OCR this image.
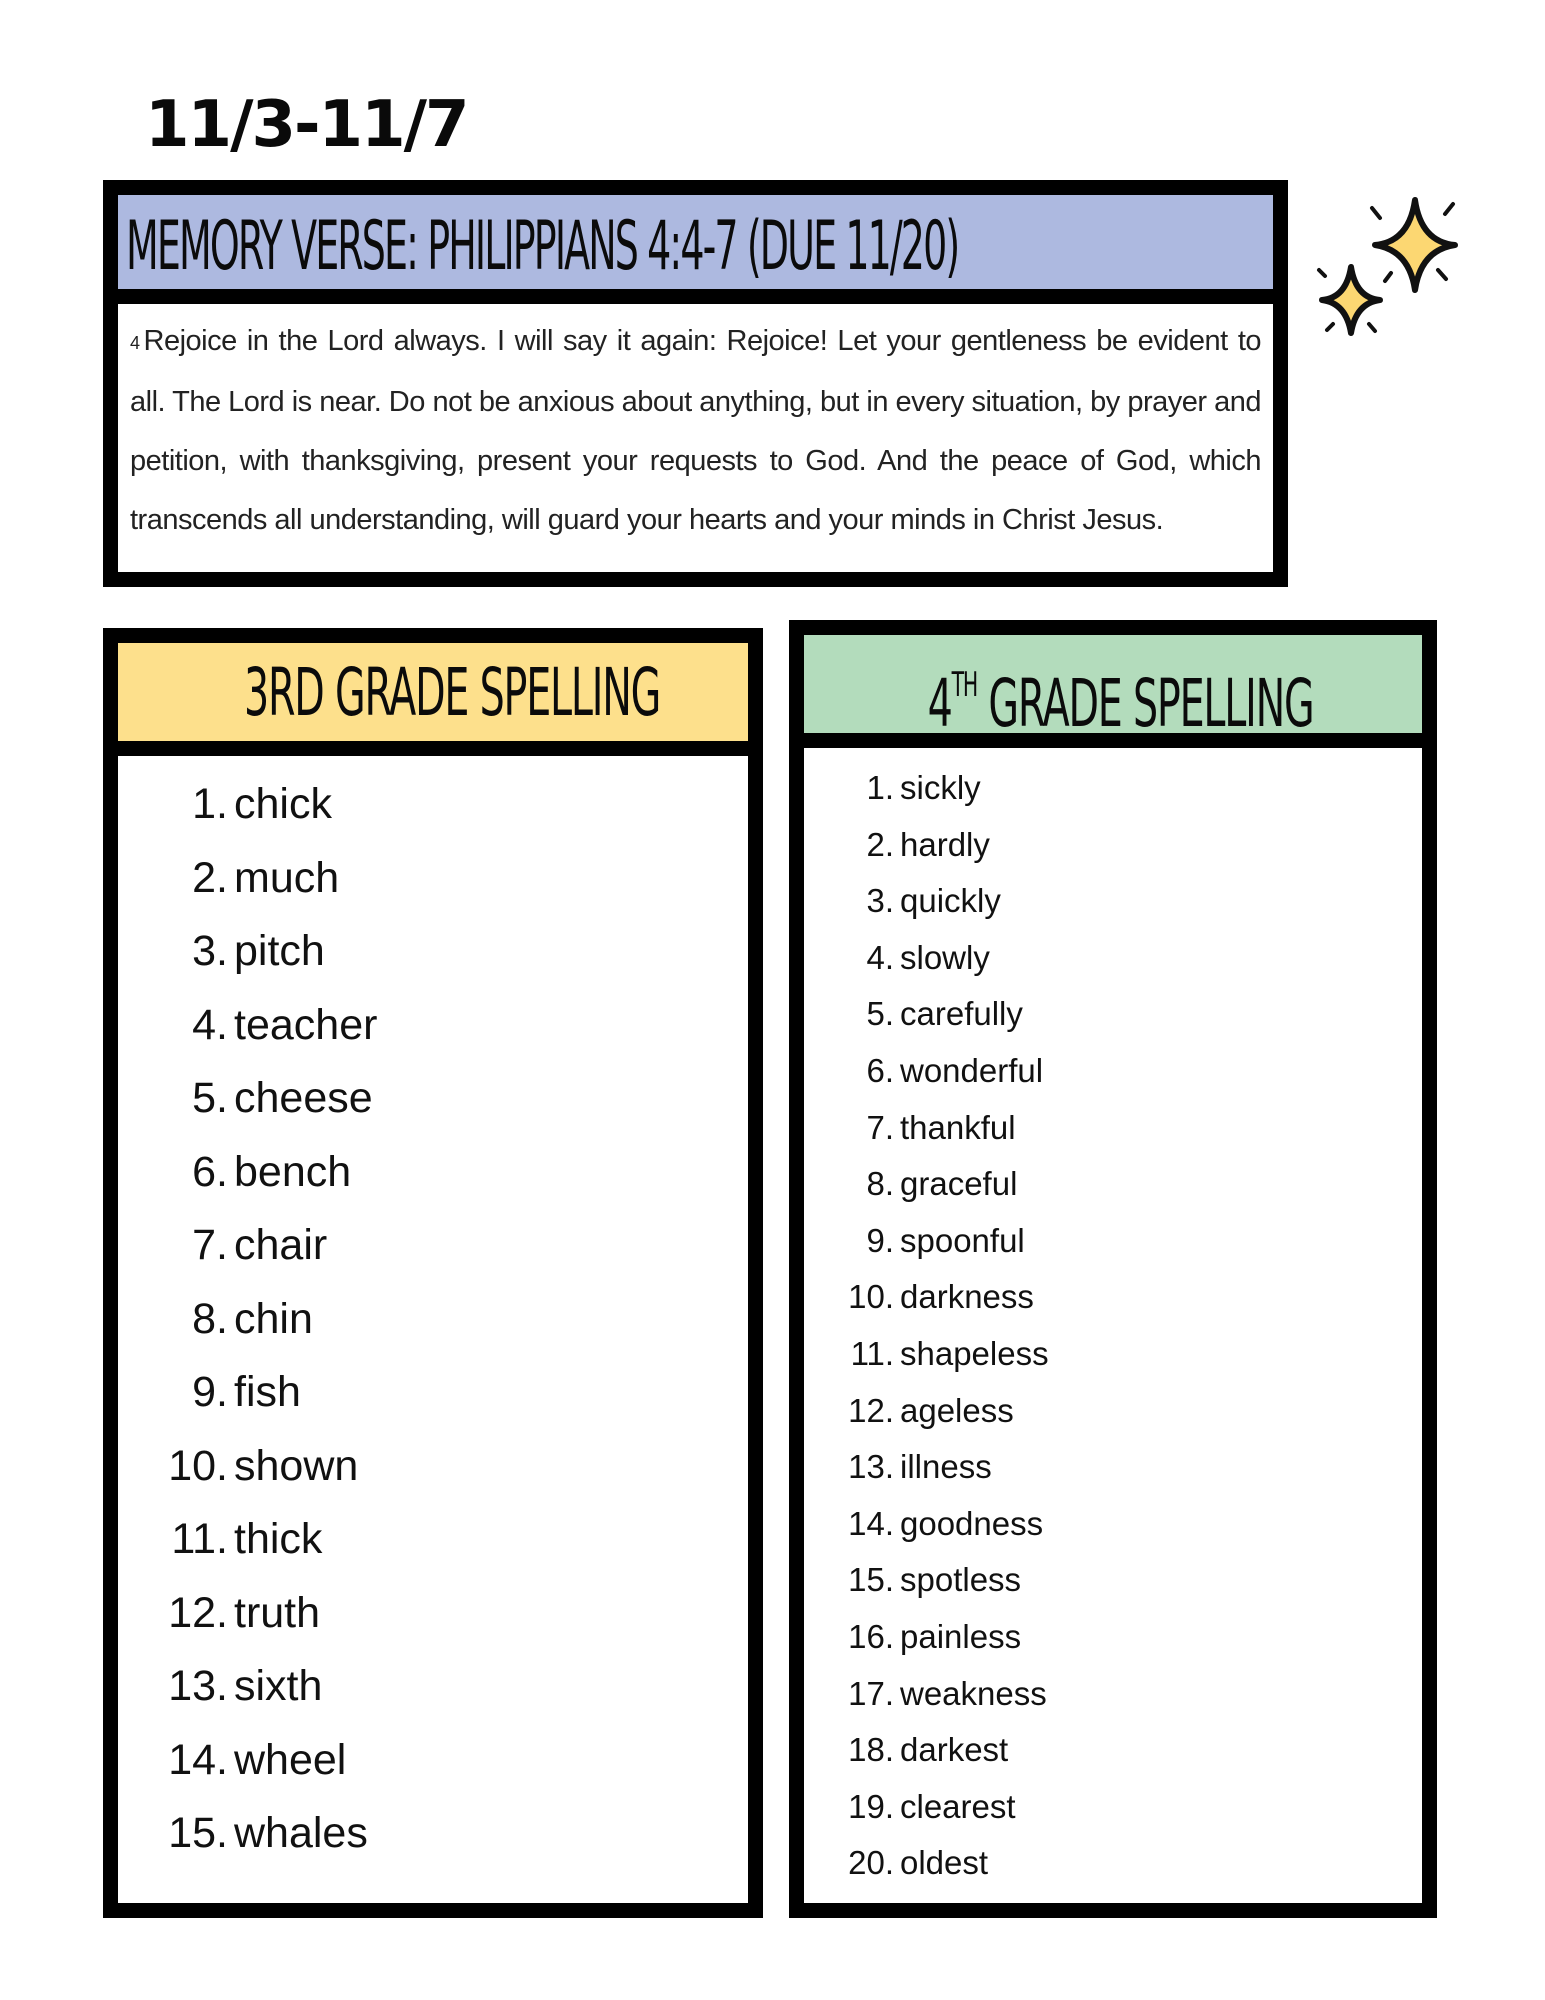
11/3-11/7
MEMORY VERSE: PHILIPPIANS 4:4-7 (DUE 11/20)
4 Rejoice in the Lord always. I will say it again: Rejoice! Let your gentleness be evident to all. The Lord is near. Do not be anxious about anything, but in every situation, by prayer and petition, with thanksgiving, present your requests to God. And the peace of God, which transcends all understanding, will guard your hearts and your minds in Christ Jesus.
3RD GRADE SPELLING
1. chick
2. much
3. pitch
4. teacher
5. cheese
6. bench
7. chair
8. chin
9. fish
10. shown
11. thick
12. truth
13. sixth
14. wheel
15. whales
4TH GRADE SPELLING
1. sickly
2. hardly
3. quickly
4. slowly
5. carefully
6. wonderful
7. thankful
8. graceful
9. spoonful
10. darkness
11. shapeless
12. ageless
13. illness
14. goodness
15. spotless
16. painless
17. weakness
18. darkest
19. clearest
20. oldest
